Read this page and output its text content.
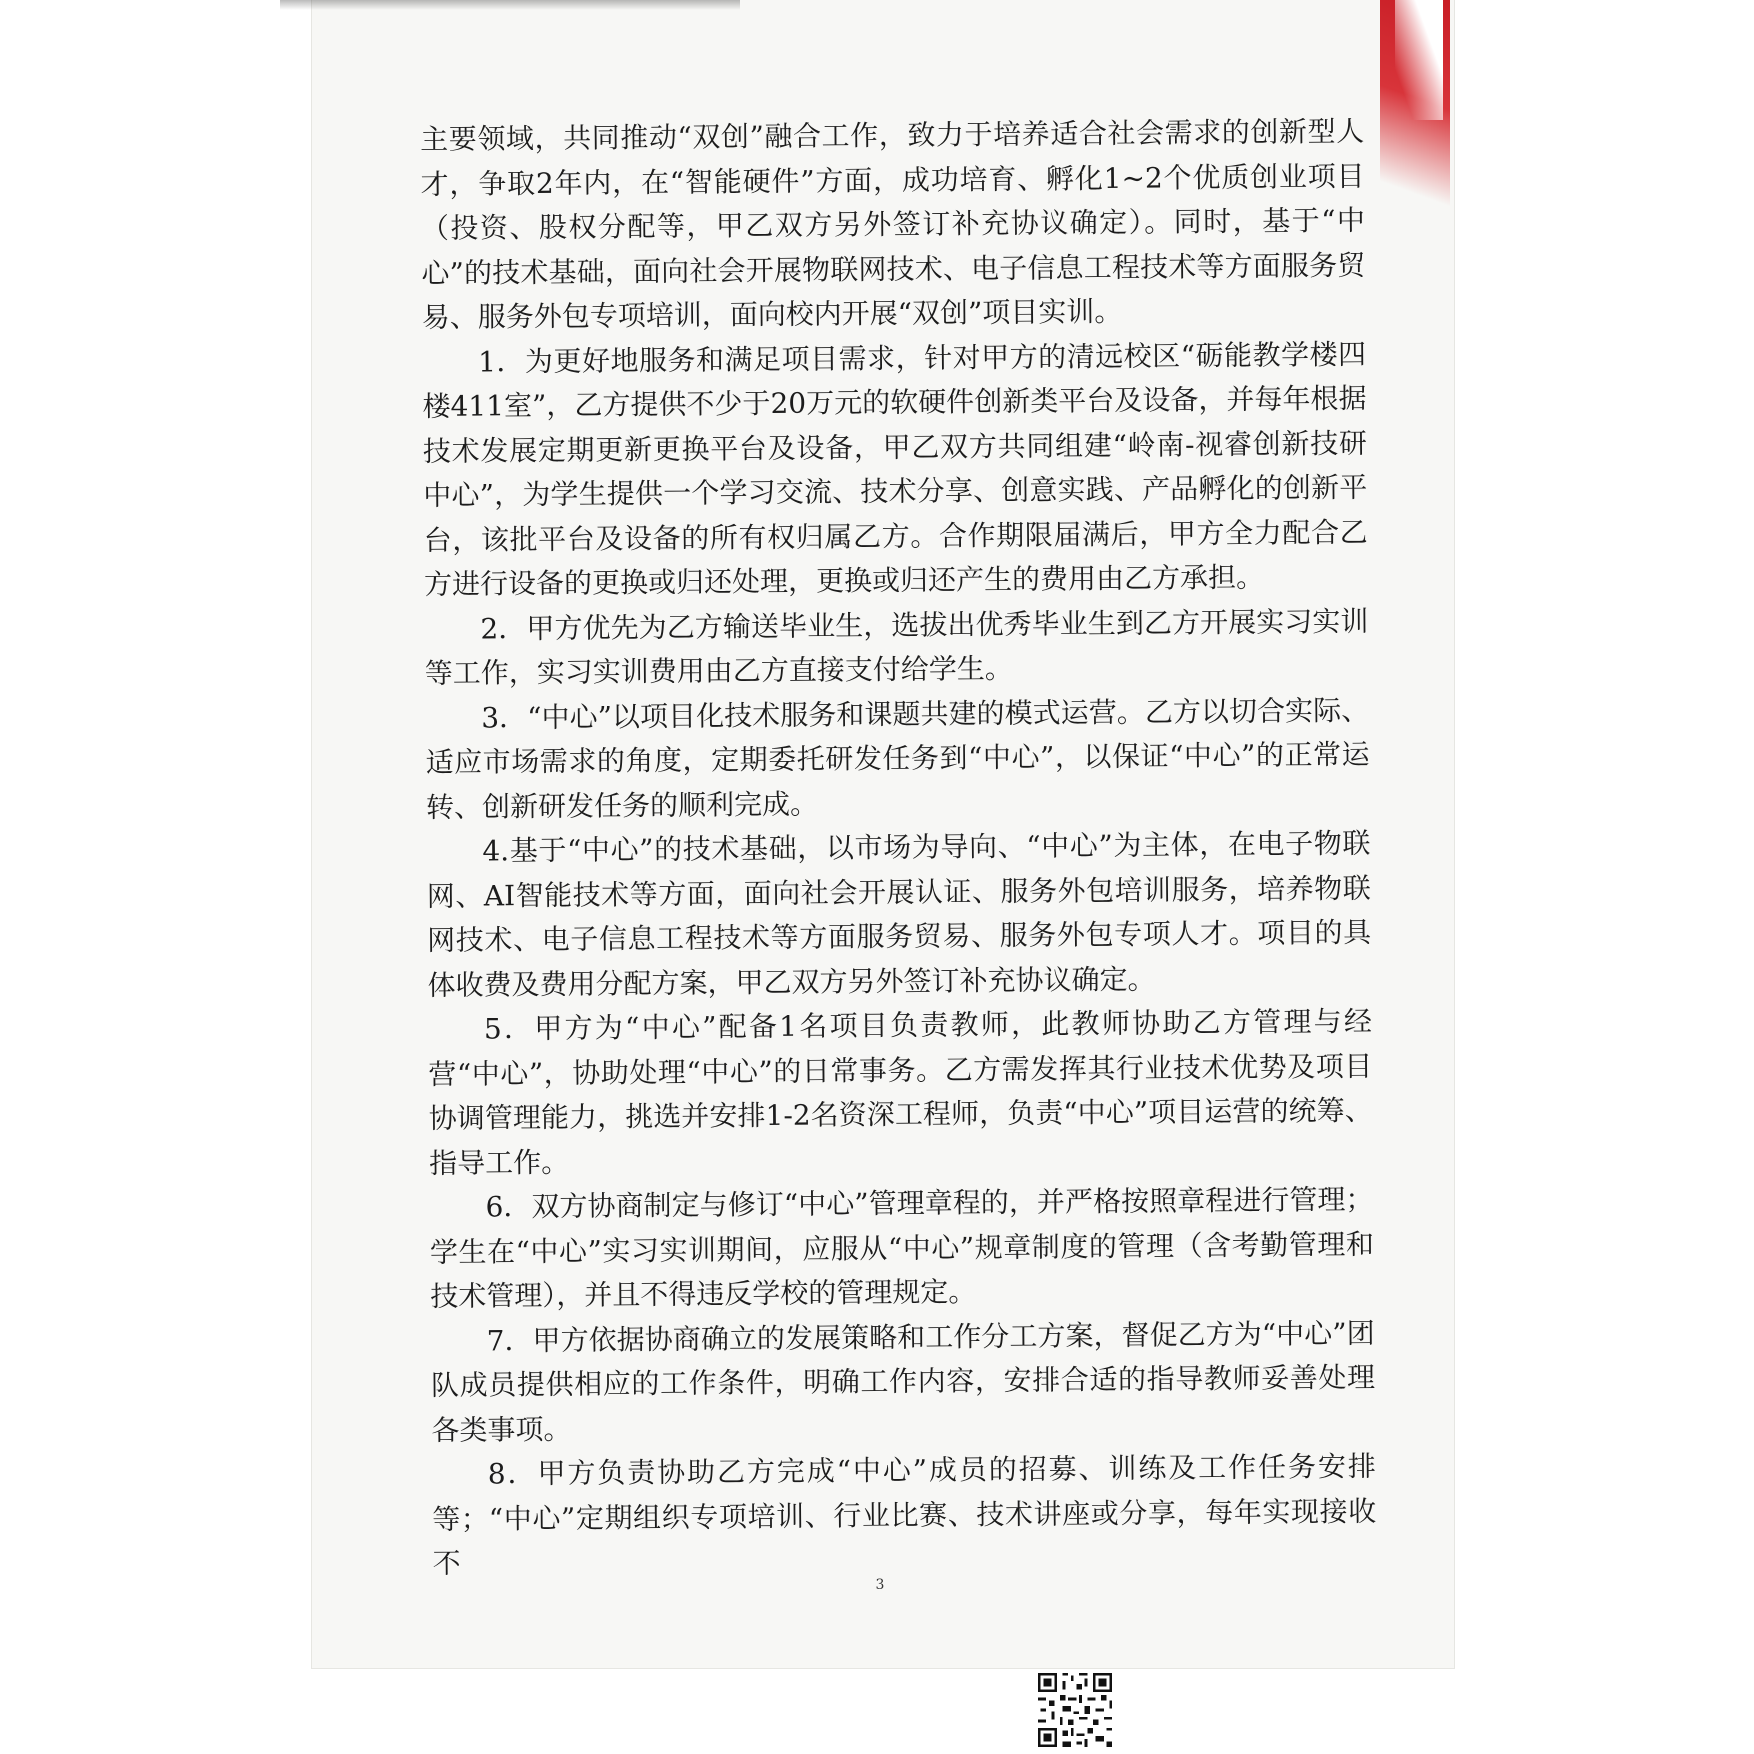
主要领域，共同推动“双创”融合工作，致力于培养适合社会需求的创新型人才，争取2年内，在“智能硬件”方面，成功培育、孵化1~2个优质创业项目（投资、股权分配等，甲乙双方另外签订补充协议确定）。同时，基于“中心”的技术基础，面向社会开展物联网技术、电子信息工程技术等方面服务贸易、服务外包专项培训，面向校内开展“双创”项目实训。

1．为更好地服务和满足项目需求，针对甲方的清远校区“砺能教学楼四楼411室”，乙方提供不少于20万元的软硬件创新类平台及设备，并每年根据技术发展定期更新更换平台及设备，甲乙双方共同组建“岭南-视睿创新技研中心”，为学生提供一个学习交流、技术分享、创意实践、产品孵化的创新平台，该批平台及设备的所有权归属乙方。合作期限届满后，甲方全力配合乙方进行设备的更换或归还处理，更换或归还产生的费用由乙方承担。

2．甲方优先为乙方输送毕业生，选拔出优秀毕业生到乙方开展实习实训等工作，实习实训费用由乙方直接支付给学生。

3．“中心”以项目化技术服务和课题共建的模式运营。乙方以切合实际、适应市场需求的角度，定期委托研发任务到“中心”，以保证“中心”的正常运转、创新研发任务的顺利完成。

4.基于“中心”的技术基础，以市场为导向、“中心”为主体，在电子物联网、AI智能技术等方面，面向社会开展认证、服务外包培训服务，培养物联网技术、电子信息工程技术等方面服务贸易、服务外包专项人才。项目的具体收费及费用分配方案，甲乙双方另外签订补充协议确定。

5．甲方为“中心”配备1名项目负责教师，此教师协助乙方管理与经营“中心”，协助处理“中心”的日常事务。乙方需发挥其行业技术优势及项目协调管理能力，挑选并安排1-2名资深工程师，负责“中心”项目运营的统筹、指导工作。

6．双方协商制定与修订“中心”管理章程的，并严格按照章程进行管理；学生在“中心”实习实训期间，应服从“中心”规章制度的管理（含考勤管理和技术管理），并且不得违反学校的管理规定。

7．甲方依据协商确立的发展策略和工作分工方案，督促乙方为“中心”团队成员提供相应的工作条件，明确工作内容，安排合适的指导教师妥善处理各类事项。

8．甲方负责协助乙方完成“中心”成员的招募、训练及工作任务安排等；“中心”定期组织专项培训、行业比赛、技术讲座或分享，每年实现接收不

3
